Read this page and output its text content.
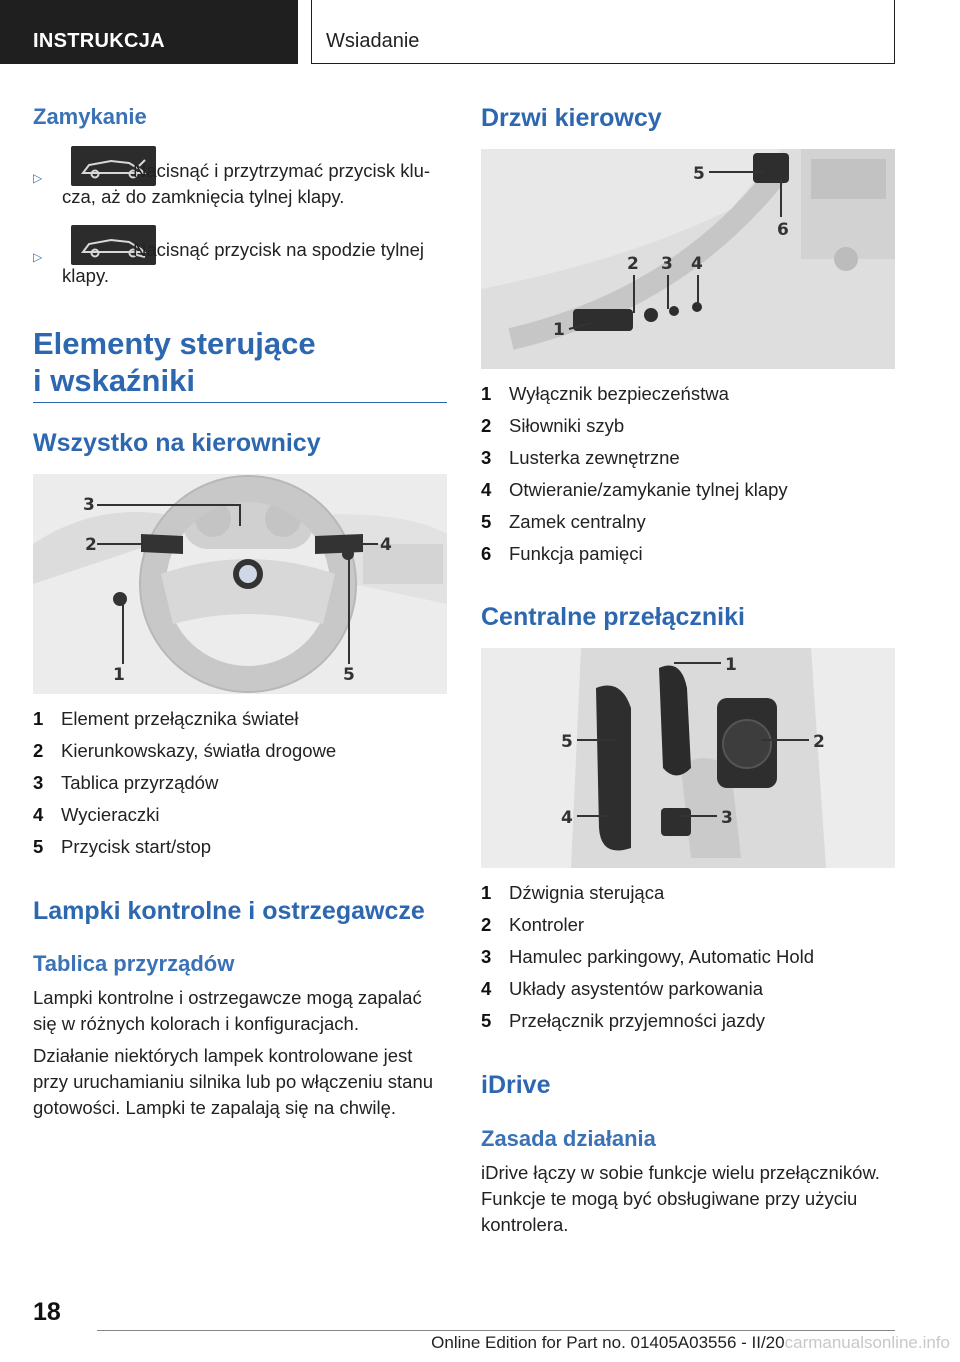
INSTRUKCJA	Wsiadanie
Zamykanie
▷	Nacisnąć i przytrzymać przycisk klu-
cza, aż do zamknięcia tylnej klapy.
▷	Nacisnąć przycisk na spodzie tylnej
klapy.
Elementy sterujące
i wskaźniki
Wszystko na kierownicy
3
2	4
1	5
1 Element przełącznika świateł
2 Kierunkowskazy, światła drogowe
3 Tablica przyrządów
4 Wycieraczki
5 Przycisk start/stop
Lampki kontrolne i ostrzegawcze
Tablica przyrządów
Lampki kontrolne i ostrzegawcze mogą zapalać
się w różnych kolorach i konfiguracjach.
Działanie niektórych lampek kontrolowane jest
przy uruchamianiu silnika lub po włączeniu stanu
gotowości. Lampki te zapalają się na chwilę.
Drzwi kierowcy
5
6
2 3 4
1
1 Wyłącznik bezpieczeństwa
2 Siłowniki szyb
3 Lusterka zewnętrzne
4 Otwieranie/zamykanie tylnej klapy
5 Zamek centralny
6 Funkcja pamięci
Centralne przełączniki
1
2
3
4
5
1 Dźwignia sterująca
2 Kontroler
3 Hamulec parkingowy, Automatic Hold
4 Układy asystentów parkowania
5 Przełącznik przyjemności jazdy
iDrive
Zasada działania
iDrive łączy w sobie funkcje wielu przełączników.
Funkcje te mogą być obsługiwane przy użyciu
kontrolera.
18
Online Edition for Part no. 01405A03556 - II/20carmanualsonline.info
